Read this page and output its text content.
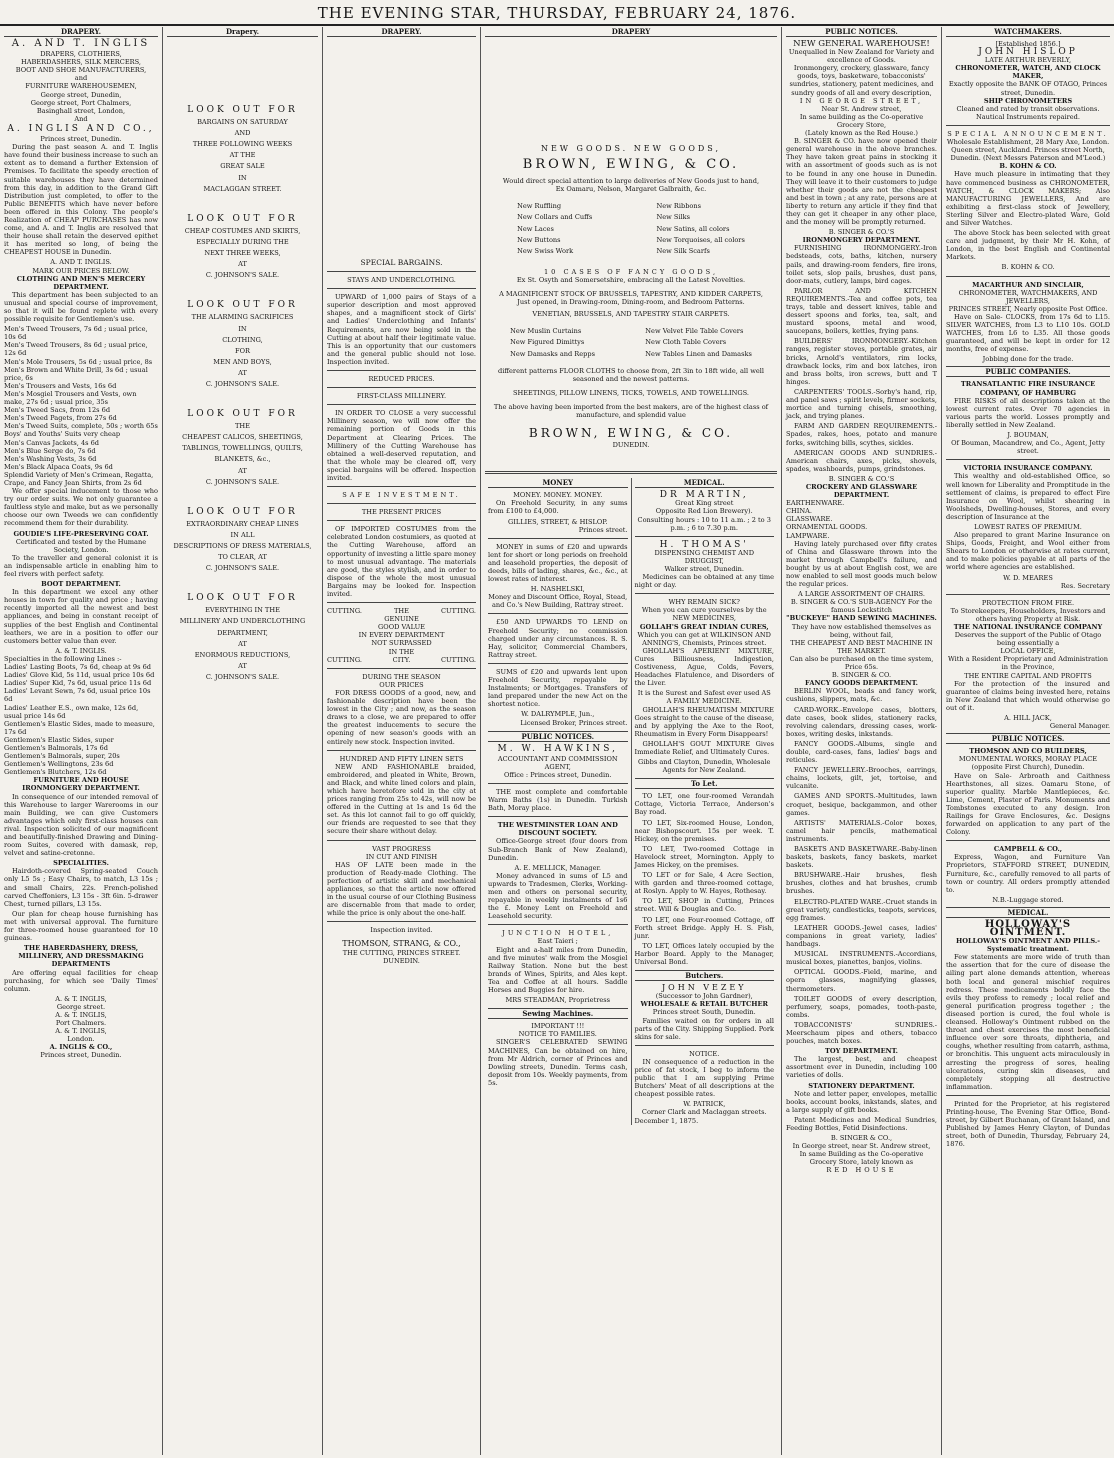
THE EVENING STAR, THURSDAY, FEBRUARY 24, 1876.
DRAPERY.
A. AND T. INGLIS
DRAPERS, CLOTHIERS,
HABERDASHERS, SILK MERCERS,
BOOT AND SHOE MANUFACTURERS,
and
FURNITURE WAREHOUSEMEN,
George street, Dunedin,
George street, Port Chalmers,
Basinghall street, London,
And
A. INGLIS AND CO.,
Princes street, Dunedin.
During the past season A. and T. Inglis have found their business increase to such an extent as to demand a further Extension of Premises. To facilitate the speedy erection of suitable warehouses they have determined from this day, in addition to the Grand Gift Distribution just completed, to offer to the Public BENEFITS which have never before been offered in this Colony. The people's Realization of CHEAP PURCHASES has now come, and A. and T. Inglis are resolved that their house shall retain the deserved epithet it has merited so long, of being the CHEAPEST HOUSE in Dunedin.
A. AND T. INGLIS.
MARK OUR PRICES BELOW.
CLOTHING AND MEN'S MERCERY DEPARTMENT.
This department has been subjected to an unusual and special course of improvement, so that it will be found replete with every possible requisite for Gentlemen's use.
Men's Tweed Trousers, 7s 6d ; usual price, 10s 6d
Men's Tweed Trousers, 8s 6d ; usual price, 12s 6d
Men's Mole Trousers, 5s 6d ; usual price, 8s
Men's Brown and White Drill, 3s 6d ; usual price, 6s
Men's Trousers and Vests, 16s 6d
Men's Mosgiel Trousers and Vests, own make, 27s 6d ; usual price, 35s
Men's Tweed Sacs, from 12s 6d
Men's Tweed Pagets, from 27s 6d
Men's Tweed Suits, complete, 50s ; worth 65s
Boys' and Youths' Suits very cheap
Men's Canvas Jackets, 4s 6d
Men's Blue Serge do, 7s 6d
Men's Washing Vests, 3s 6d
Men's Black Alpaca Coats, 9s 6d
Splendid Variety of Men's Crimean, Regatta, Crape, and Fancy Jean Shirts, from 2s 6d
We offer special inducement to those who try our order suits. We not only guarantee a faultless style and make, but as we personally choose our own Tweeds we can confidently recommend them for their durability.
GOUDIE'S LIFE-PRESERVING COAT.
Certificated and tested by the Humane Society, London.
To the traveller and general colonist it is an indispensable article in enabling him to feel rivers with perfect safety.
BOOT DEPARTMENT.
In this department we excel any other houses in town for quality and price ; having recently imported all the newest and best appliances, and being in constant receipt of supplies of the best English and Continental leathers, we are in a position to offer our customers better value than ever.
A. & T. INGLIS.
Specialties in the following Lines :-
Ladies' Lasting Boots, 7s 6d, cheap at 9s 6d
Ladies' Glove Kid, 5s 11d, usual price 10s 6d
Ladies' Super Kid, 7s 6d, usual price 11s 6d
Ladies' Levant Sewn, 7s 6d, usual price 10s 6d
Ladies' Leather E.S., own make, 12s 6d, usual price 14s 6d
Gentlemen's Elastic Sides, made to measure, 17s 6d
Gentlemen's Elastic Sides, super
Gentlemen's Balmorals, 17s 6d
Gentlemen's Balmorals, super, 20s
Gentlemen's Wellingtons, 23s 6d
Gentlemen's Blutchers, 12s 6d
FURNITURE AND HOUSE IRONMONGERY DEPARTMENT.
In consequence of our intended removal of this Warehouse to larger Warerooms in our main Building, we can give Customers advantages which only first-class houses can rival. Inspection solicited of our magnificent and beautifully-finished Drawing and Dining-room Suites, covered with damask, rep, velvet and satine-cretonne.
SPECIALITIES.
Hairdoth-covered Spring-seated Couch only L5 5s ; Easy Chairs, to match, L3 15s ; and small Chairs, 22s. French-polished carved Cheffoniers, L3 15s - 3ft 6in. 5-drawer Chest, turned pillars, L3 15s.
Our plan for cheap house furnishing has met with universal approval. The furniture for three-roomed house guaranteed for 10 guineas.
THE HABERDASHERY, DRESS, MILLINERY, AND DRESSMAKING DEPARTMENTS
Are offering equal facilities for cheap purchasing, for which see 'Daily Times' column.
A. & T. INGLIS,
George street.
A. & T. INGLIS,
Port Chalmers.
A. & T. INGLIS,
London.
A. INGLIS & CO.,
Princes street, Dunedin.
Drapery.
LOOK OUT FOR
BARGAINS ON SATURDAY
AND
THREE FOLLOWING WEEKS
AT THE
GREAT SALE
IN
MACLAGGAN STREET.
LOOK OUT FOR
CHEAP COSTUMES AND SKIRTS,
ESPECIALLY DURING THE
NEXT THREE WEEKS,
AT
C. JOHNSON'S SALE.
LOOK OUT FOR
THE ALARMING SACRIFICES
IN
CLOTHING,
FOR
MEN AND BOYS,
AT
C. JOHNSON'S SALE.
LOOK OUT FOR
THE
CHEAPEST CALICOS, SHEETINGS,
TABLINGS, TOWELLINGS, QUILTS,
BLANKETS, &c.,
AT
C. JOHNSON'S SALE.
LOOK OUT FOR
EXTRAORDINARY CHEAP LINES
IN ALL
DESCRIPTIONS OF DRESS MATERIALS,
TO CLEAR, AT
C. JOHNSON'S SALE.
LOOK OUT FOR
EVERYTHING IN THE
MILLINERY AND UNDERCLOTHING
DEPARTMENT,
AT
ENORMOUS REDUCTIONS,
AT
C. JOHNSON'S SALE.
DRAPERY.
SPECIAL BARGAINS.
STAYS AND UNDERCLOTHING.
UPWARD of 1,000 pairs of Stays of a superior description and most approved shapes, and a magnificent stock of Girls' and Ladies' Underclothing and Infants' Requirements, are now being sold in the Cutting at about half their legitimate value. This is an opportunity that our customers and the general public should not lose. Inspection invited.
REDUCED PRICES.
FIRST-CLASS MILLINERY.
IN ORDER TO CLOSE a very successful Millinery season, we will now offer the remaining portion of Goods in this Department at Clearing Prices. The Millinery of the Cutting Warehouse has obtained a well-deserved reputation, and that the whole may be cleared off, very special bargains will be offered. Inspection invited.
SAFE INVESTMENT.
THE PRESENT PRICES
OF IMPORTED COSTUMES from the celebrated London costumiers, as quoted at the Cutting Warehouse, afford an opportunity of investing a little spare money to most unusual advantage. The materials are good, the styles stylish, and in order to dispose of the whole the most unusual Bargains may be looked for. Inspection invited.
CUTTING.	THE	CUTTING.
GENUINE
GOOD VALUE
IN EVERY DEPARTMENT
NOT SURPASSED
IN THE
CUTTING.	CITY.	CUTTING.
DURING THE SEASON
OUR PRICES
FOR DRESS GOODS of a good, new, and fashionable description have been the lowest in the City ; and now, as the season draws to a close, we are prepared to offer the greatest inducements to secure the opening of new season's goods with an entirely new stock. Inspection invited.
HUNDRED AND FIFTY LINEN SETS
NEW AND FASHIONABLE braided, embroidered, and pleated in White, Brown, and Black, and white lined colors and plain, which have heretofore sold in the city at prices ranging from 25s to 42s, will now be offered in the Cutting at 1s and 1s 6d the set. As this lot cannot fail to go off quickly, our friends are requested to see that they secure their share without delay.
VAST PROGRESS
IN CUT AND FINISH
HAS OF LATE been made in the production of Ready-made Clothing. The perfection of artistic skill and mechanical appliances, so that the article now offered in the usual course of our Clothing Business are discernable from that made to order, while the price is only about the one-half.
Inspection invited.
THOMSON, STRANG, & CO.,
THE CUTTING, PRINCES STREET.
DUNEDIN.
DRAPERY
NEW GOODS. NEW GOODS,
BROWN, EWING, & CO.
Would direct special attention to large deliveries of New Goods just to hand,
Ex Oamaru, Nelson, Margaret Galbraith, &c.
New Ruffling
New Collars and Cuffs
New Laces
New Buttons
New Swiss Work
New Ribbons
New Silks
New Satins, all colors
New Torquoises, all colors
New Silk Scarfs
10 CASES OF FANCY GOODS,
Ex St. Osyth and Somersetshire, embracing all the Latest Novelties.
A MAGNIFICENT STOCK OF BRUSSELS, TAPESTRY, AND KIDDER CARPETS,
Just opened, in Drawing-room, Dining-room, and Bedroom Patterns.
VENETIAN, BRUSSELS, AND TAPESTRY STAIR CARPETS.
New Muslin Curtains
New Figured Dimittys
New Damasks and Repps
New Velvet File Table Covers
New Cloth Table Covers
New Tables Linen and Damasks
different patterns FLOOR CLOTHS to choose from, 2ft 3in to 18ft wide, all well seasoned and the newest patterns.
SHEETINGS, PILLOW LINENS, TICKS, TOWELS, AND TOWELLINGS.
The above having been imported from the best makers, are of the highest class of manufacture, and splendid value
BROWN, EWING, & CO.
DUNEDIN.
MONEY
MONEY. MONEY. MONEY.
On Freehold Security, in any sums from £100 to £4,000.
GILLIES, STREET, & HISLOP.
Princes street.
MONEY in sums of £20 and upwards lent for short or long periods on freehold and leasehold properties, the deposit of deeds, bills of lading, shares, &c., &c., at lowest rates of interest.
H. NASHELSKI,
Money and Discount Office, Royal, Stead, and Co.'s New Building, Rattray street.
£50 AND UPWARDS TO LEND on Freehold Security; no commission charged under any circumstances. R. S. Hay, solicitor, Commercial Chambers, Rattray street.
SUMS of £20 and upwards lent upon Freehold Security, repayable by Instalments; or Mortgages. Transfers of land prepared under the new Act on the shortest notice.
W. DALRYMPLE, Jun.,
Licensed Broker, Princes street.
PUBLIC NOTICES.
M. W. HAWKINS,
ACCOUNTANT AND COMMISSION AGENT,
Office : Princes street, Dunedin.
THE most complete and comfortable Warm Baths (1s) in Dunedin. Turkish Bath, Moray place.
THE WESTMINSTER LOAN AND DISCOUNT SOCIETY.
Office-George street (four doors from Sub-Branch Bank of New Zealand), Dunedin.
A. E. MELLICK, Manager.
Money advanced in sums of L5 and upwards to Tradesmen, Clerks, Working-men and others on personal security, repayable in weekly instalments of 1s6 the £. Money Lent on Freehold and Leasehold security.
JUNCTION HOTEL,
East Taieri ;
Eight and a-half miles from Dunedin, and five minutes' walk from the Mosgiel Railway Station. None but the best brands of Wines, Spirits, and Ales kept. Tea and Coffee at all hours. Saddle Horses and Buggies for hire.
MRS STEADMAN, Proprietress
Sewing Machines.
IMPORTANT !!!
NOTICE TO FAMILIES.
SINGER'S CELEBRATED SEWING MACHINES, Can be obtained on hire, from Mr Aldrich, corner of Princes and Dowling streets, Dunedin. Terms cash, deposit from 10s. Weekly payments, from 5s.
MEDICAL.
DR MARTIN,
Great King street
Opposite Red Lion Brewery).
Consulting hours : 10 to 11 a.m. ; 2 to 3 p.m. ; 6 to 7.30 p.m.
H. THOMAS'
DISPENSING CHEMIST AND DRUGGIST,
Walker street, Dunedin.
Medicines can be obtained at any time night or day.
WHY REMAIN SICK?
When you can cure yourselves by the NEW MEDICINES,
GOLLAH'S GREAT INDIAN CURES,
Which you can get at WILKINSON AND ANNING'S, Chemists, Princes street.
GHOLLAH'S APERIENT MIXTURE, Cures Billiousness, Indigestion, Costiveness, Ague, Colds, Fevers, Headaches Flatulence, and Disorders of the Liver.
It is the Surest and Safest ever used AS A FAMILY MEDICINE.
GHOLLAH'S RHEUMATISM MIXTURE Goes straight to the cause of the disease, and by applying the Axe to the Root, Rheumatism in Every Form Disappears!
GHOLLAH'S GOUT MIXTURE Gives Immediate Relief, and Ultimately Cures.
Gibbs and Clayton, Dunedin, Wholesale Agents for New Zealand.
To Let.
TO LET, one four-roomed Verandah Cottage, Victoria Terrace, Anderson's Bay road.
TO LET, Six-roomed House, London, near Bishopscourt. 15s per week. T. Hickey, on the premises.
TO LET, Two-roomed Cottage in Havelock street, Mornington. Apply to James Hickey, on the premises.
TO LET or for Sale, 4 Acre Section, with garden and three-roomed cottage, at Roslyn. Apply to W. Hayes, Rothesay.
TO LET, SHOP in Cutting, Princes street. Will & Douglas and Co.
TO LET, one Four-roomed Cottage, off Forth street Bridge. Apply H. S. Fish, junr.
TO LET, Offices lately occupied by the Harbor Board. Apply to the Manager, Universal Bond.
Butchers.
JOHN VEZEY
(Successor to John Gardner),
WHOLESALE & RETAIL BUTCHER
Princes street South, Dunedin.
Families waited on for orders in all parts of the City. Shipping Supplied. Pork skins for sale.
NOTICE.
IN consequence of a reduction in the price of fat stock, I beg to inform the public that I am supplying Prime Butchers' Meat of all descriptions at the cheapest possible rates.
W. PATRICK,
Corner Clark and Maclaggan streets.
December 1, 1875.
PUBLIC NOTICES.
NEW GENERAL WAREHOUSE!
Unequalled in New Zealand for Variety and excellence of Goods.
Ironmongery, crockery, glassware, fancy goods, toys, basketware, tobacconists' sundries, stationery, patent medicines, and sundry goods of all and every description,
IN GEORGE STREET,
Near St. Andrew street,
In same building as the Co-operative Grocery Store,
(Lately known as the Red House.)
B. SINGER & CO. have now opened their general warehouse in the above branches. They have taken great pains in stocking it with an assortment of goods such as is not to be found in any one house in Dunedin. They will leave it to their customers to judge whether their goods are not the cheapest and best in town ; at any rate, persons are at liberty to return any article if they find that they can get it cheaper in any other place, and the money will be promptly returned.
B. SINGER & CO.'S
IRONMONGERY DEPARTMENT.
FURNISHING IRONMONGERY.-Iron bedsteads, cots, baths, kitchen, nursery pails, and drawing-room fenders, fire irons, toilet sets, slop pails, brushes, dust pans, door-mats, cutlery, lamps, bird cages.
PARLOR AND KITCHEN REQUIREMENTS.-Tea and coffee pots, tea trays, table and dessert knives, table and dessert spoons and forks, tea, salt, and mustard spoons, metal and wood, saucepans, boilers, kettles, frying pans.
BUILDERS' IRONMONGERY.-Kitchen ranges, register stoves, portable grates, air bricks, Arnold's ventilators, rim locks, drawback locks, rim and box latches, iron and brass bolts, iron screws, butt and T hinges.
CARPENTERS' TOOLS.-Sorby's hand, rip, and panel saws ; spirit levels, firmer sockets, mortice and turning chisels, smoothing, jack, and trying planes.
FARM AND GARDEN REQUIREMENTS.-Spades, rakes, hoes, potato and manure forks, switching bills, scythes, sickles.
AMERICAN GOODS AND SUNDRIES.-American chairs, axes, picks, shovels, spades, washboards, pumps, grindstones.
B. SINGER & CO.'S
CROCKERY AND GLASSWARE DEPARTMENT.
EARTHENWARE.
CHINA.
GLASSWARE.
ORNAMENTAL GOODS.
LAMPWARE.
Having lately purchased over fifty crates of China and Glassware thrown into the market through Campbell's failure, and bought by us at about English cost, we are now enabled to sell most goods much below the regular prices.
A LARGE ASSORTMENT OF CHAIRS.
B. SINGER & CO.'S SUB-AGENCY For the famous Lockstitch
"BUCKEYE" HAND SEWING MACHINES.
They have now established themselves as being, without fail,
THE CHEAPEST AND BEST MACHINE IN THE MARKET.
Can also be purchased on the time system, Price 65s.
B. SINGER & CO.
FANCY GOODS DEPARTMENT.
BERLIN WOOL, beads and fancy work, cushions, slippers, mats, &c.
CARD-WORK.-Envelope cases, blotters, date cases, book slides, stationery racks, revolving calendars, dressing cases, work-boxes, writing desks, inkstands.
FANCY GOODS.-Albums, single and double, card-cases, fans, ladies' bags and reticules.
FANCY JEWELLERY.-Brooches, earrings, chains, lockets, gilt, jet, tortoise, and vulcanite.
GAMES AND SPORTS.-Multitudes, lawn croquet, besique, backgammon, and other games.
ARTISTS' MATERIALS.-Color boxes, camel hair pencils, mathematical instruments.
BASKETS AND BASKETWARE.-Baby-linen baskets, baskets, fancy baskets, market baskets.
BRUSHWARE.-Hair brushes, flesh brushes, clothes and hat brushes, crumb brushes.
ELECTRO-PLATED WARE.-Cruet stands in great variety, candlesticks, teapots, services, egg frames.
LEATHER GOODS.-Jewel cases, ladies' companions in great variety, ladies' handbags.
MUSICAL INSTRUMENTS.-Accordians, musical boxes, pianettes, banjos, violins.
OPTICAL GOODS.-Field, marine, and opera glasses, magnifying glasses, thermometers.
TOILET GOODS of every description, perfumery, soaps, pomades, tooth-paste, combs.
TOBACCONISTS' SUNDRIES.-Meerschaum pipes and others, tobacco pouches, match boxes.
TOY DEPARTMENT.
The largest, best, and cheapest assortment ever in Dunedin, including 100 varieties of dolls.
STATIONERY DEPARTMENT.
Note and letter paper, envelopes, metallic books, account books, inkstands, slates, and a large supply of gift books.
Patent Medicines and Medical Sundries, Feeding Bottles, Fetid Disinfections.
B. SINGER & CO.,
In George street, near St. Andrew street,
In same Building as the Co-operative Grocery Store, lately known as
RED HOUSE
WATCHMAKERS.
[Established 1856.]
JOHN HISLOP
LATE ARTHUR BEVERLY,
CHRONOMETER, WATCH, AND CLOCK MAKER,
Exactly opposite the BANK OF OTAGO, Princes street, Dunedin.
SHIP CHRONOMETERS
Cleaned and rated by transit observations. Nautical Instruments repaired.
SPECIAL ANNOUNCEMENT.
Wholesale Establishment, 28 Mary Axe, London. Queen street, Auckland. Princes street North, Dunedin. (Next Messrs Paterson and M'Leod.)
B. KOHN & CO.
Have much pleasure in intimating that they have commenced business as CHRONOMETER, WATCH, & CLOCK MAKERS; Also MANUFACTURING JEWELLERS, And are exhibiting a first-class stock of Jewellery, Sterling Silver and Electro-plated Ware, Gold and Silver Watches.
The above Stock has been selected with great care and judgment, by their Mr H. Kohn, of London, in the best English and Continental Markets.
B. KOHN & CO.
MACARTHUR AND SINCLAIR,
CHRONOMETER, WATCHMAKERS, AND JEWELLERS,
PRINCES STREET, Nearly opposite Post Office.
Have on Sale- CLOCKS, from 17s 6d to L15. SILVER WATCHES, from L3 to L10 10s. GOLD WATCHES, from L6 to L35. All those goods guaranteed, and will be kept in order for 12 months, free of expense.
Jobbing done for the trade.
PUBLIC COMPANIES.
TRANSATLANTIC FIRE INSURANCE COMPANY, OF HAMBURG
FIRE RISKS of all descriptions taken at the lowest current rates. Over 70 agencies in various parts the world. Losses promptly and liberally settled in New Zealand.
J. BOUMAN,
Of Bouman, Macandrew, and Co., Agent, Jetty street.
VICTORIA INSURANCE COMPANY.
This wealthy and old-established Office, so well known for Liberality and Promptitude in the settlement of claims, is prepared to effect Fire Insurance on Wool, whilst shearing in Woolsheds, Dwelling-houses, Stores, and every description of Insurance at the
LOWEST RATES OF PREMIUM.
Also prepared to grant Marine Insurance on Ships, Goods, Freight, and Wool either from Shears to London or otherwise at rates current, and to make policies payable at all parts of the world where agencies are established.
W. D. MEARES
Res. Secretary
PROTECTION FROM FIRE.
To Storekeepers, Householders, Investors and others having Property at Risk.
THE NATIONAL INSURANCE COMPANY
Deserves the support of the Public of Otago being essentially a
LOCAL OFFICE,
With a Resident Proprietary and Administration in the Province,
THE ENTIRE CAPITAL AND PROFITS
For the protection of the insured and guarantee of claims being invested here, retains in New Zealand that which would otherwise go out of it.
A. HILL JACK,
General Manager.
PUBLIC NOTICES.
THOMSON AND CO BUILDERS,
MONUMENTAL WORKS, MORAY PLACE (opposite First Church), Dunedin.
Have on Sale- Arbroath and Caithness Hearthstones, all sizes. Oamaru Stone, of superior quality. Marble Mantlepieces, &c. Lime, Cement, Plaster of Paris. Monuments and Tombstones executed to any design. Iron Railings for Grave Enclosures, &c. Designs forwarded on application to any part of the Colony.
CAMPBELL & CO.,
Express, Wagon, and Furniture Van Proprietors, STAFFORD STREET, DUNEDIN, Furniture, &c., carefully removed to all parts of town or country. All orders promptly attended to.
N.B.-Luggage stored.
MEDICAL.
HOLLOWAY'S OINTMENT.
HOLLOWAY'S OINTMENT AND PILLS.-Systematic treatment.
Few statements are more wide of truth than the assertion that for the cure of disease the ailing part alone demands attention, whereas both local and general mischief requires redress. These medicaments boldly face the evils they profess to remedy ; local relief and general purification progress together ; the diseased portion is cured, the foul whole is cleansed. Holloway's Ointment rubbed on the throat and chest exercises the most beneficial influence over sore throats, diphtheria, and coughs, whether resulting from catarrh, asthma, or bronchitis. This unguent acts miraculously in arresting the progress of sores, healing ulcerations, curing skin diseases, and completely stopping all destructive inflammation.
Printed for the Proprietor, at his registered Printing-house, The Evening Star Office, Bond-street, by Gilbert Buchanan, of Grant Island, and Published by James Henry Clayton, of Dundas street, both of Dunedin, Thursday, February 24, 1876.
